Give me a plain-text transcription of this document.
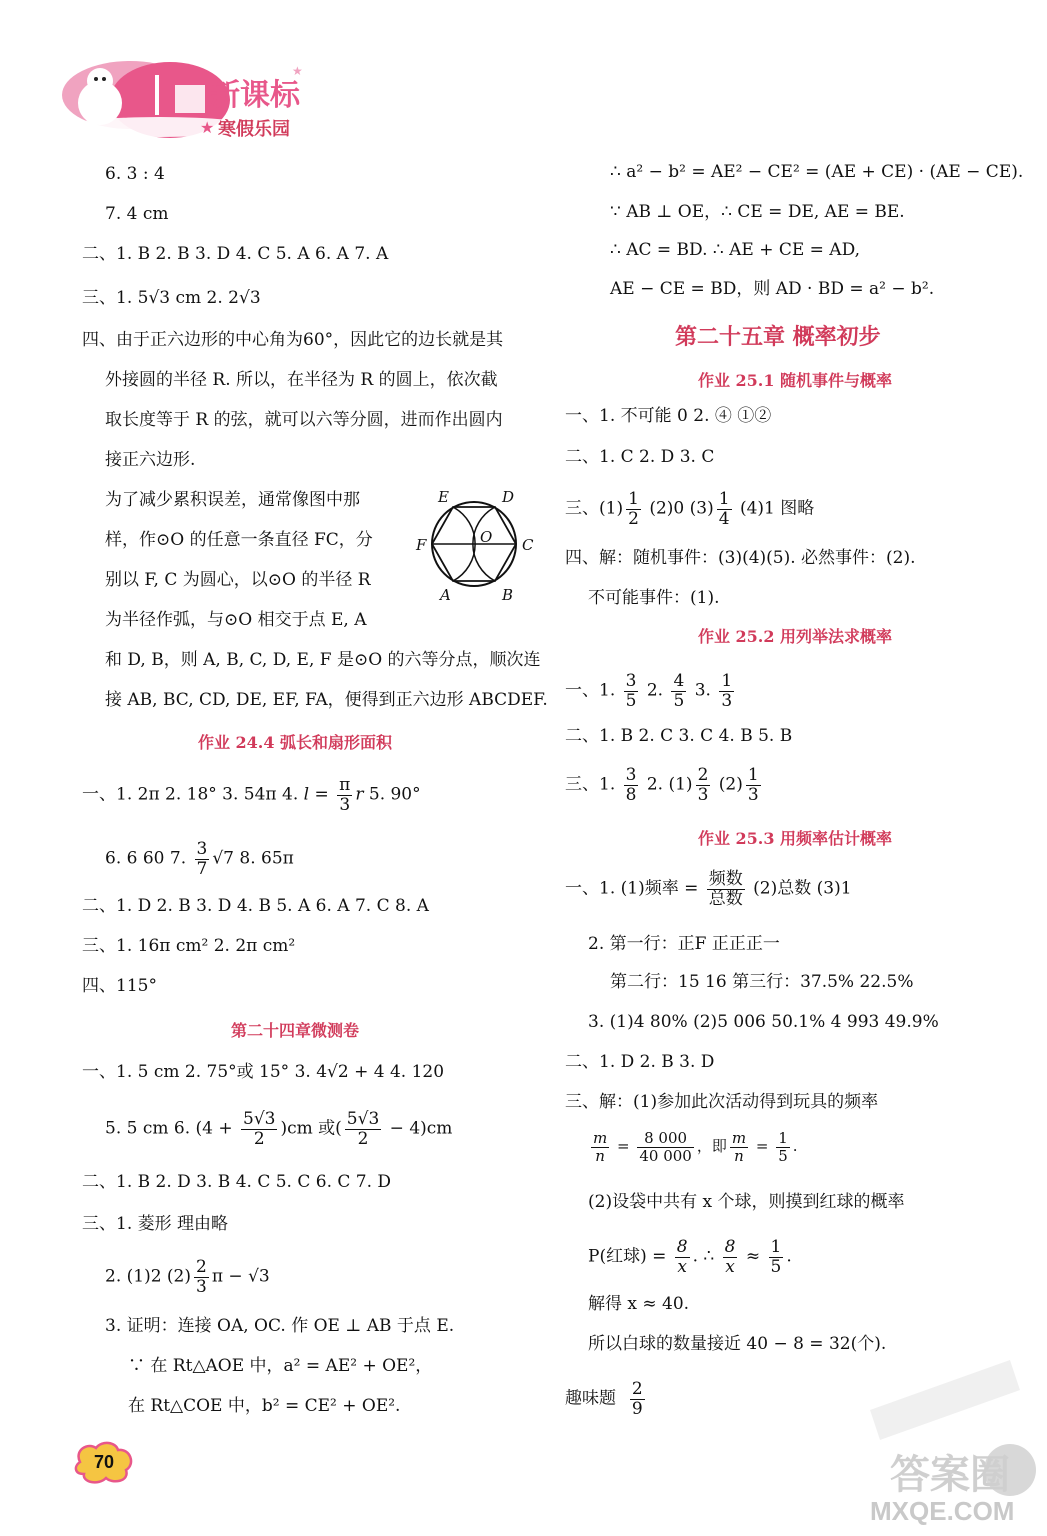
新课标
寒假乐园
★
★
6. 3 : 4
7. 4 cm
二、1. B 2. B 3. D 4. C 5. A 6. A 7. A
三、1. 5√3 cm 2. 2√3
四、由于正六边形的中心角为60°，因此它的边长就是其
外接圆的半径 R. 所以，在半径为 R 的圆上，依次截
取长度等于 R 的弦，就可以六等分圆，进而作出圆内
接正六边形.
为了减少累积误差，通常像图中那
样，作⊙O 的任意一条直径 FC，分
别以 F, C 为圆心，以⊙O 的半径 R
为半径作弧，与⊙O 相交于点 E, A
和 D, B，则 A, B, C, D, E, F 是⊙O 的六等分点，顺次连
接 AB, BC, CD, DE, EF, FA，便得到正六边形 ABCDEF.
E	D
F	O C
A	B
作业 24.4 弧长和扇形面积
一、1. 2π 2. 18° 3. 54π 4. $l = \frac{\pi}{3}$ r 5. 90°
6. 6 60 7. $\frac{3}{7} √7$ 8. 65π
二、1. D 2. B 3. D 4. B 5. A 6. A 7. C 8. A
三、1. 16π cm² 2. 2π cm²
四、115°
第二十四章微测卷
一、1. 5 cm 2. 75°或 15° 3. 4√2 + 4 4. 120
5. 5 cm 6. $(4 + \frac{5√3}{2} )cm$ 或( $\frac{5√3}{2} - 4)cm$
二、1. B 2. D 3. B 4. C 5. C 6. C 7. D
三、1. 菱形 理由略
2. (1)2 $(2) \frac{2}{3}$ π − √3
3. 证明：连接 OA, OC. 作 OE ⊥ AB 于点 E.
∵ 在 Rt△AOE 中，a² = AE² + OE²，
在 Rt△COE 中，b² = CE² + OE².
70
∴ a² − b² = AE² − CE² = (AE + CE) · (AE − CE).
∵ AB ⊥ OE，∴ CE = DE, AE = BE.
∴ AC = BD. ∴ AE + CE = AD,
AE − CE = BD，则 AD · BD = a² − b².
第二十五章 概率初步
作业 25.1 随机事件与概率
一、1. 不可能 0 2. ④ ①②
二、1. C 2. D 3. C
三、$(1) \frac{1}{2} (2)0$ $(3) \frac{1}{4} (4)1$ 图略
四、解：随机事件：(3)(4)(5). 必然事件：(2).
不可能事件：(1).
作业 25.2 用列举法求概率
一、1. $\frac{3}{5} 2$. $\frac{4}{5} 3$. $\frac{1}{3}$
二、1. B 2. C 3. C 4. B 5. B
三、1. $\frac{3}{8} 2$. $(1) \frac{2}{3} (2) \frac{1}{3}$
作业 25.3 用频率估计概率
一、1. (1)频率 = $\frac{\text{频数}}{\text{总数}} (2)$总数 (3)1
2. 第一行：正F 正正正一
第二行：15 16 第三行：37.5% 22.5%
3. (1)4 80% (2)5 006 50.1% 4 993 49.9%
二、1. D 2. B 3. D
三、解：(1)参加此次活动得到玩具的频率
$\frac{m}{n} = \frac{8 000}{40 000}$ ，即 $\frac{m}{n} = \frac{1}{5}$ .
(2)设袋中共有 x 个球，则摸到红球的概率
P(红球) = $\frac{8}{x}$ . ∴ $\frac{8}{x} \approx \frac{1}{5}$ .
解得 x ≈ 40.
所以白球的数量接近 40 − 8 = 32(个).
趣味题 $\frac{2}{9}$
答案圈
MXQE.COM
